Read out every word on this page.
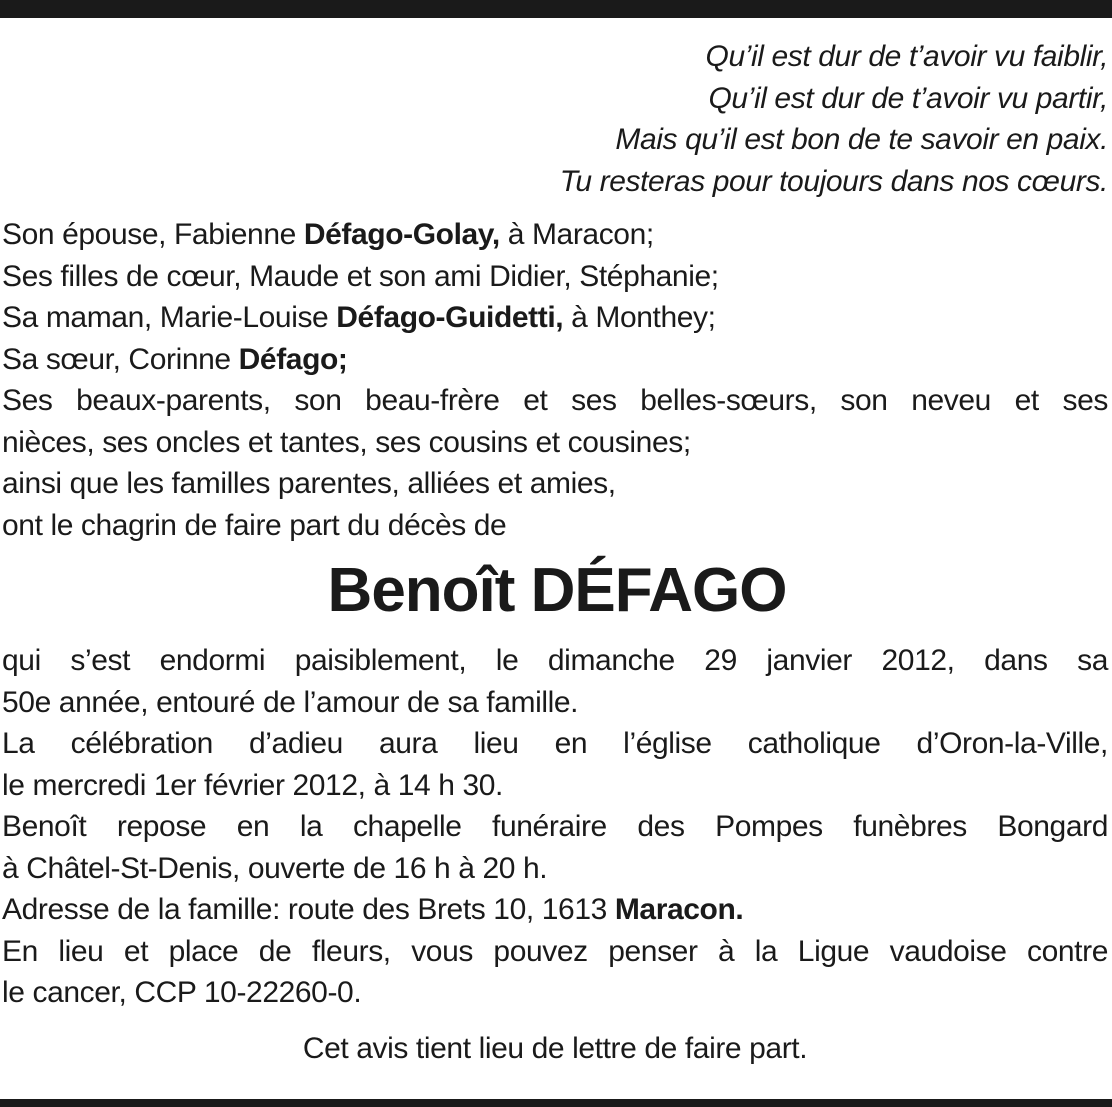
Qu’il est dur de t’avoir vu faiblir,
Qu’il est dur de t’avoir vu partir,
Mais qu’il est bon de te savoir en paix.
Tu resteras pour toujours dans nos cœurs.
Son épouse, Fabienne Défago-Golay, à Maracon;
Ses filles de cœur, Maude et son ami Didier, Stéphanie;
Sa maman, Marie-Louise Défago-Guidetti, à Monthey;
Sa sœur, Corinne Défago;
Ses beaux-parents, son beau-frère et ses belles-sœurs, son neveu et ses
nièces, ses oncles et tantes, ses cousins et cousines;
ainsi que les familles parentes, alliées et amies,
ont le chagrin de faire part du décès de
Benoît DÉFAGO
qui s’est endormi paisiblement, le dimanche 29 janvier 2012, dans sa
50e année, entouré de l’amour de sa famille.
La célébration d’adieu aura lieu en l’église catholique d’Oron-la-Ville,
le mercredi 1er février 2012, à 14 h 30.
Benoît repose en la chapelle funéraire des Pompes funèbres Bongard
à Châtel-St-Denis, ouverte de 16 h à 20 h.
Adresse de la famille: route des Brets 10, 1613 Maracon.
En lieu et place de fleurs, vous pouvez penser à la Ligue vaudoise contre
le cancer, CCP 10-22260-0.
Cet avis tient lieu de lettre de faire part.
